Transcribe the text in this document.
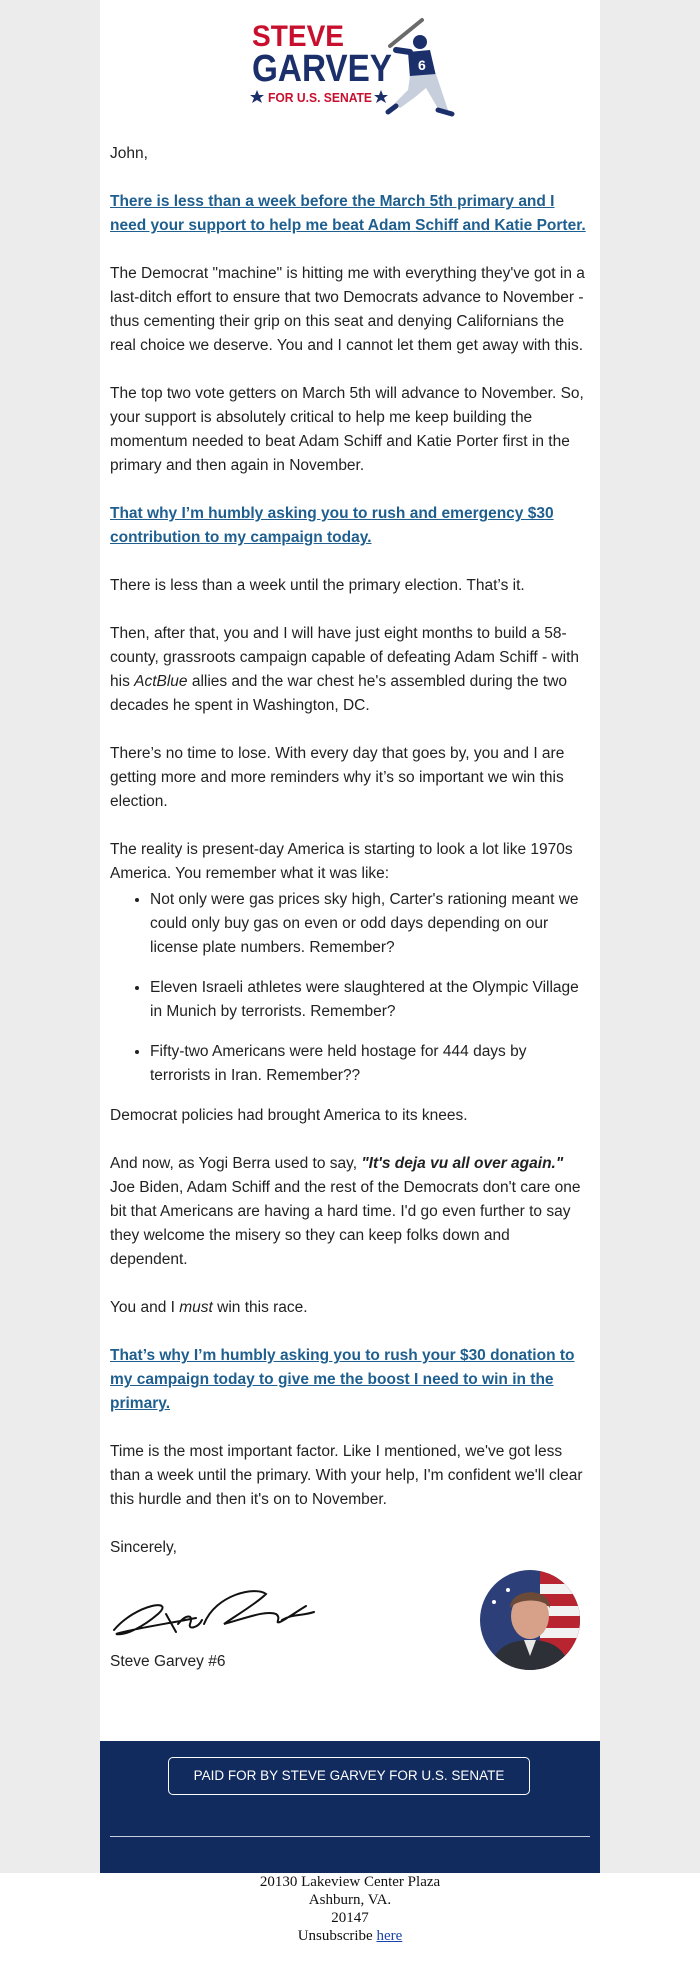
STEVE
GARVEY
FOR U.S. SENATE
6

John,

There is less than a week before the March 5th primary and I need your support to help me beat Adam Schiff and Katie Porter.

The Democrat "machine" is hitting me with everything they've got in a last-ditch effort to ensure that two Democrats advance to November - thus cementing their grip on this seat and denying Californians the real choice we deserve. You and I cannot let them get away with this.

The top two vote getters on March 5th will advance to November. So, your support is absolutely critical to help me keep building the momentum needed to beat Adam Schiff and Katie Porter first in the primary and then again in November.

That why I’m humbly asking you to rush and emergency $30 contribution to my campaign today.

There is less than a week until the primary election. That’s it.

Then, after that, you and I will have just eight months to build a 58-county, grassroots campaign capable of defeating Adam Schiff - with his ActBlue allies and the war chest he's assembled during the two decades he spent in Washington, DC.

There’s no time to lose. With every day that goes by, you and I are getting more and more reminders why it’s so important we win this election.

The reality is present-day America is starting to look a lot like 1970s America. You remember what it was like:

• Not only were gas prices sky high, Carter's rationing meant we could only buy gas on even or odd days depending on our license plate numbers. Remember?
• Eleven Israeli athletes were slaughtered at the Olympic Village in Munich by terrorists. Remember?
• Fifty-two Americans were held hostage for 444 days by terrorists in Iran. Remember??

Democrat policies had brought America to its knees.

And now, as Yogi Berra used to say, "It's deja vu all over again." Joe Biden, Adam Schiff and the rest of the Democrats don't care one bit that Americans are having a hard time. I'd go even further to say they welcome the misery so they can keep folks down and dependent.

You and I must win this race.

That’s why I’m humbly asking you to rush your $30 donation to my campaign today to give me the boost I need to win in the primary.

Time is the most important factor. Like I mentioned, we've got less than a week until the primary. With your help, I'm confident we'll clear this hurdle and then it's on to November.

Sincerely,

Steve Garvey #6
PAID FOR BY STEVE GARVEY FOR U.S. SENATE
20130 Lakeview Center Plaza
Ashburn, VA.
20147
Unsubscribe here
